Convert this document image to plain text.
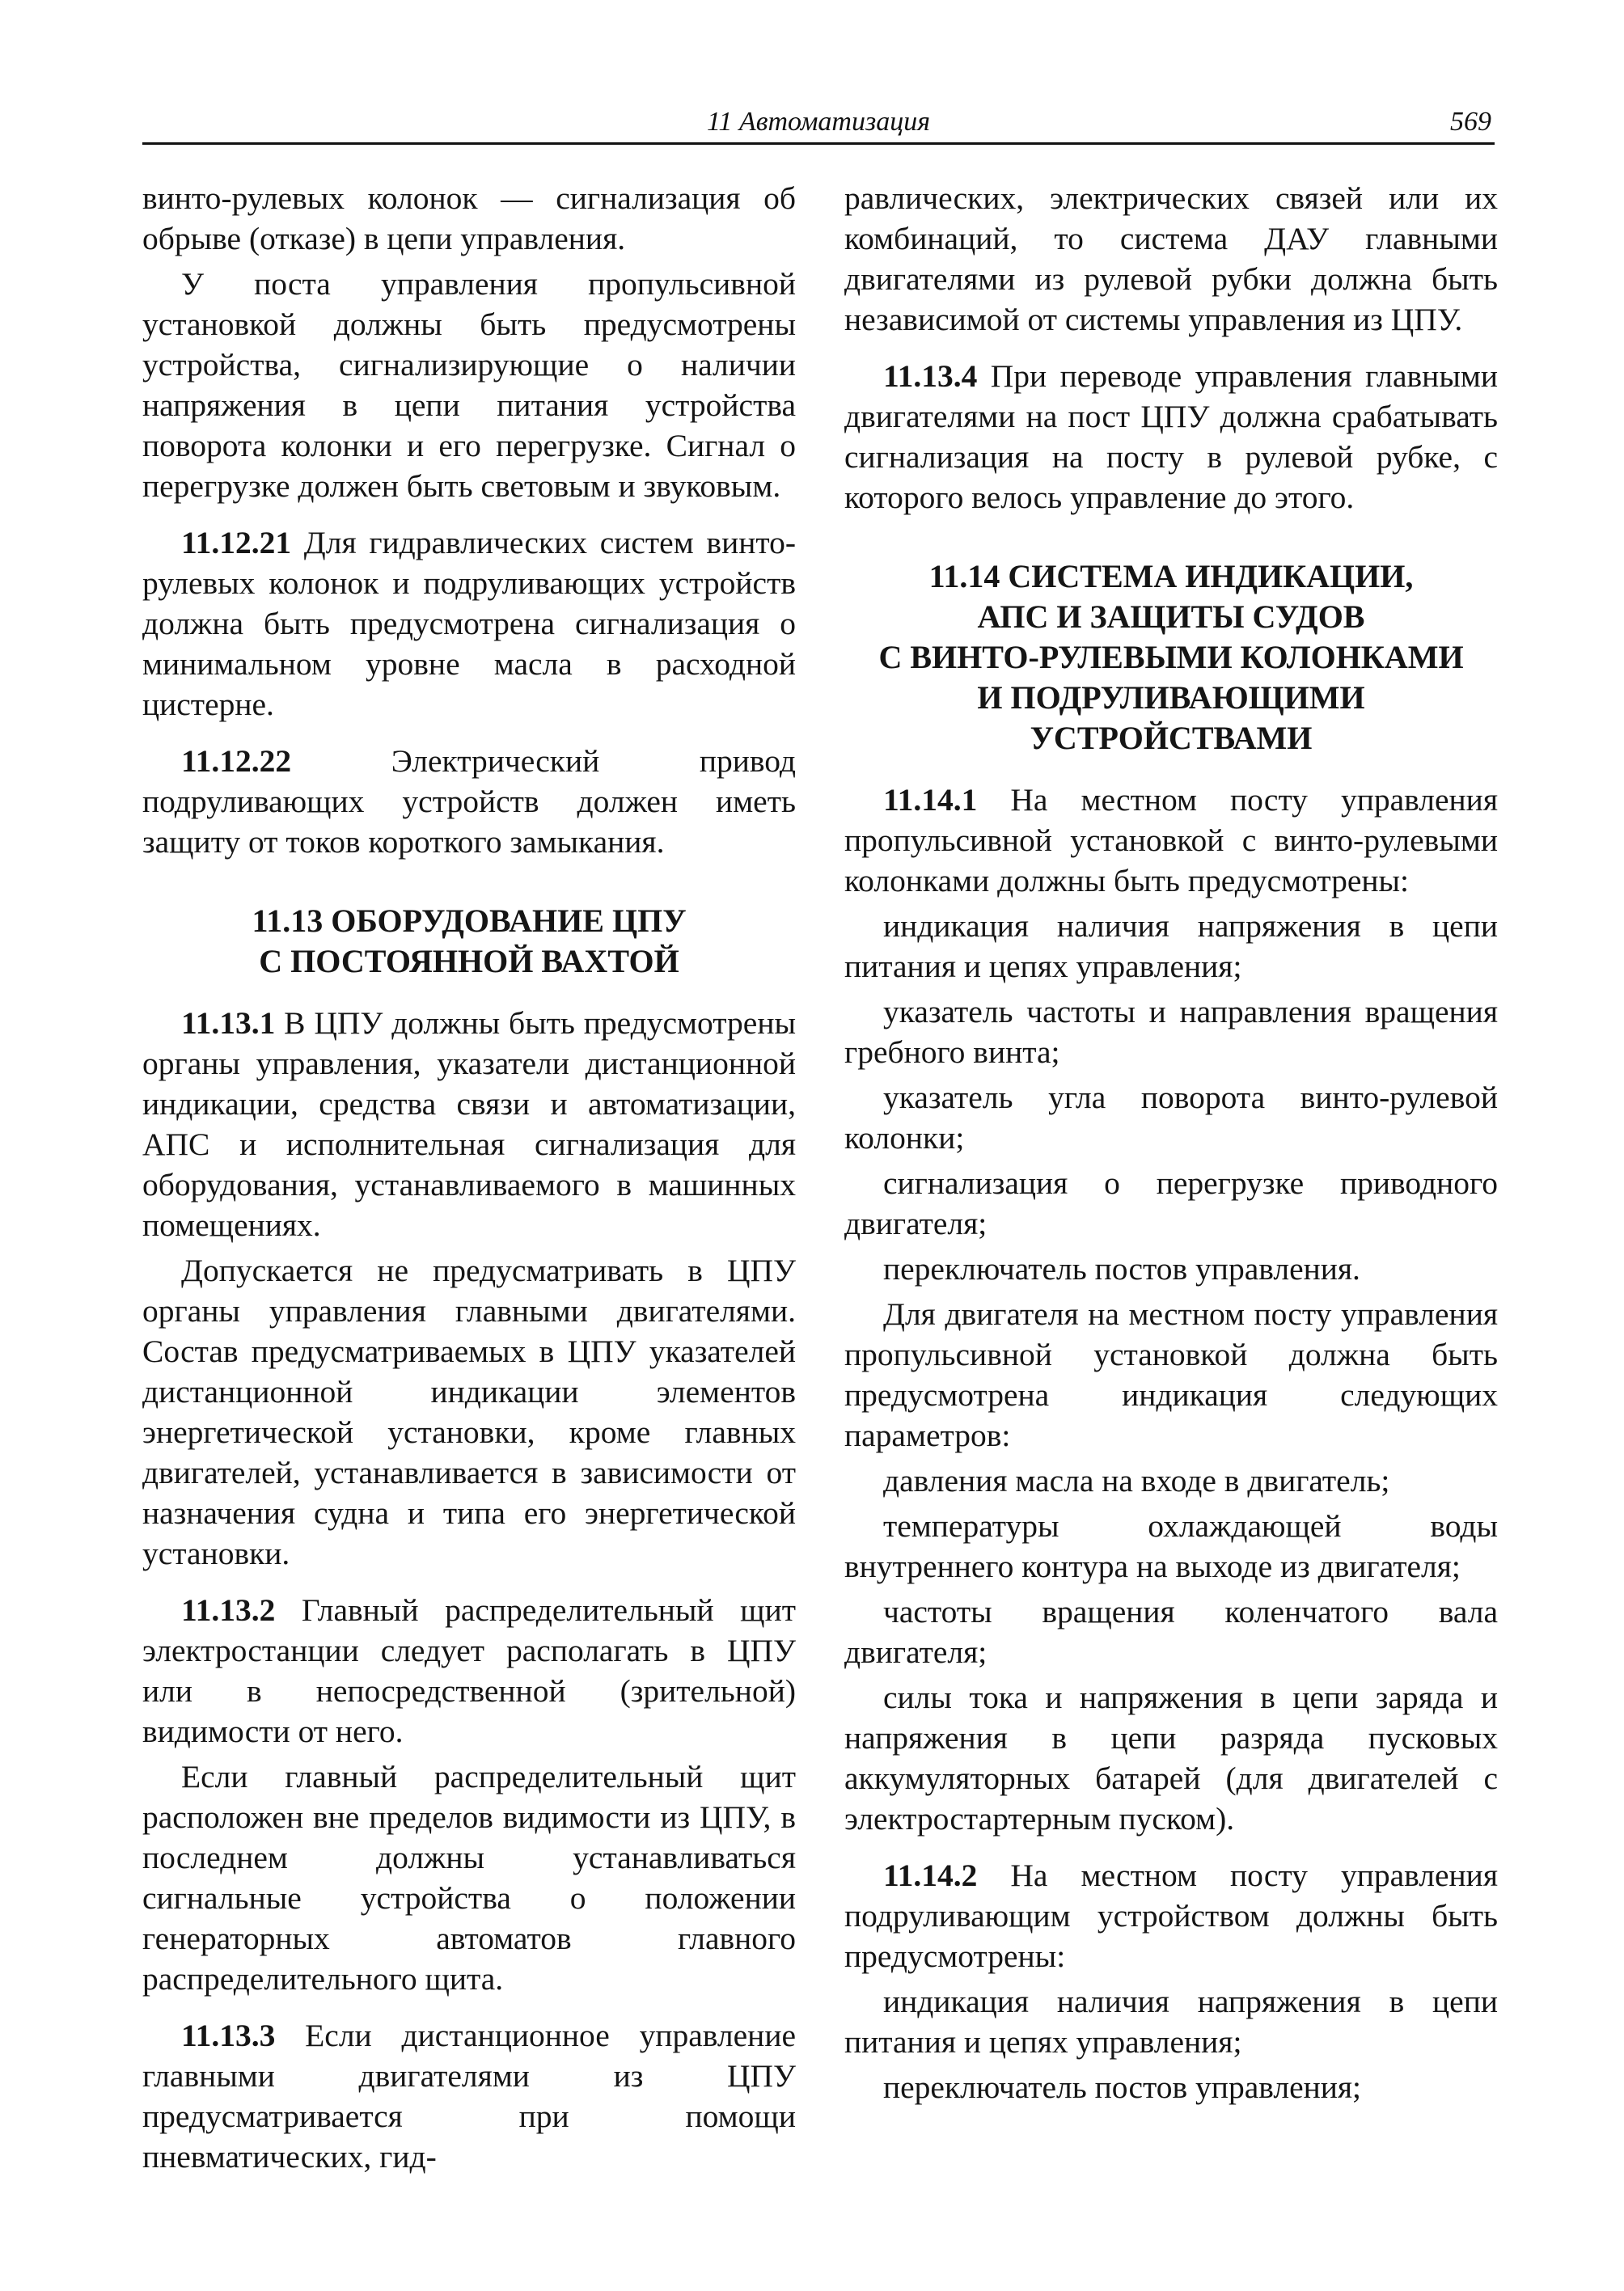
11 Автоматизация	569

винто-рулевых колонок — сигнализация об обрыве (отказе) в цепи управления.

У поста управления пропульсивной установкой должны быть предусмотрены устройства, сигнализирующие о наличии напряжения в цепи питания устройства поворота колонки и его перегрузке. Сигнал о перегрузке должен быть световым и звуковым.

11.12.21 Для гидравлических систем винто-рулевых колонок и подруливающих устройств должна быть предусмотрена сигнализация о минимальном уровне масла в расходной цистерне.

11.12.22 Электрический привод подруливающих устройств должен иметь защиту от токов короткого замыкания.

11.13 ОБОРУДОВАНИЕ ЦПУ
С ПОСТОЯННОЙ ВАХТОЙ

11.13.1 В ЦПУ должны быть предусмотрены органы управления, указатели дистанционной индикации, средства связи и автоматизации, АПС и исполнительная сигнализация для оборудования, устанавливаемого в машинных помещениях.

Допускается не предусматривать в ЦПУ органы управления главными двигателями. Состав предусматриваемых в ЦПУ указателей дистанционной индикации элементов энергетической установки, кроме главных двигателей, устанавливается в зависимости от назначения судна и типа его энергетической установки.

11.13.2 Главный распределительный щит электростанции следует располагать в ЦПУ или в непосредственной (зрительной) видимости от него.

Если главный распределительный щит расположен вне пределов видимости из ЦПУ, в последнем должны устанавливаться сигнальные устройства о положении генераторных автоматов главного распределительного щита.

11.13.3 Если дистанционное управление главными двигателями из ЦПУ предусматривается при помощи пневматических, гид-

равлических, электрических связей или их комбинаций, то система ДАУ главными двигателями из рулевой рубки должна быть независимой от системы управления из ЦПУ.

11.13.4 При переводе управления главными двигателями на пост ЦПУ должна срабатывать сигнализация на посту в рулевой рубке, с которого велось управление до этого.

11.14 СИСТЕМА ИНДИКАЦИИ,
АПС И ЗАЩИТЫ СУДОВ
С ВИНТО-РУЛЕВЫМИ КОЛОНКАМИ
И ПОДРУЛИВАЮЩИМИ
УСТРОЙСТВАМИ

11.14.1 На местном посту управления пропульсивной установкой с винто-рулевыми колонками должны быть предусмотрены:

индикация наличия напряжения в цепи питания и цепях управления;

указатель частоты и направления вращения гребного винта;

указатель угла поворота винто-рулевой колонки;

сигнализация о перегрузке приводного двигателя;

переключатель постов управления.

Для двигателя на местном посту управления пропульсивной установкой должна быть предусмотрена индикация следующих параметров:

давления масла на входе в двигатель;

температуры охлаждающей воды внутреннего контура на выходе из двигателя;

частоты вращения коленчатого вала двигателя;

силы тока и напряжения в цепи заряда и напряжения в цепи разряда пусковых аккумуляторных батарей (для двигателей с электростартерным пуском).

11.14.2 На местном посту управления подруливающим устройством должны быть предусмотрены:

индикация наличия напряжения в цепи питания и цепях управления;

переключатель постов управления;
